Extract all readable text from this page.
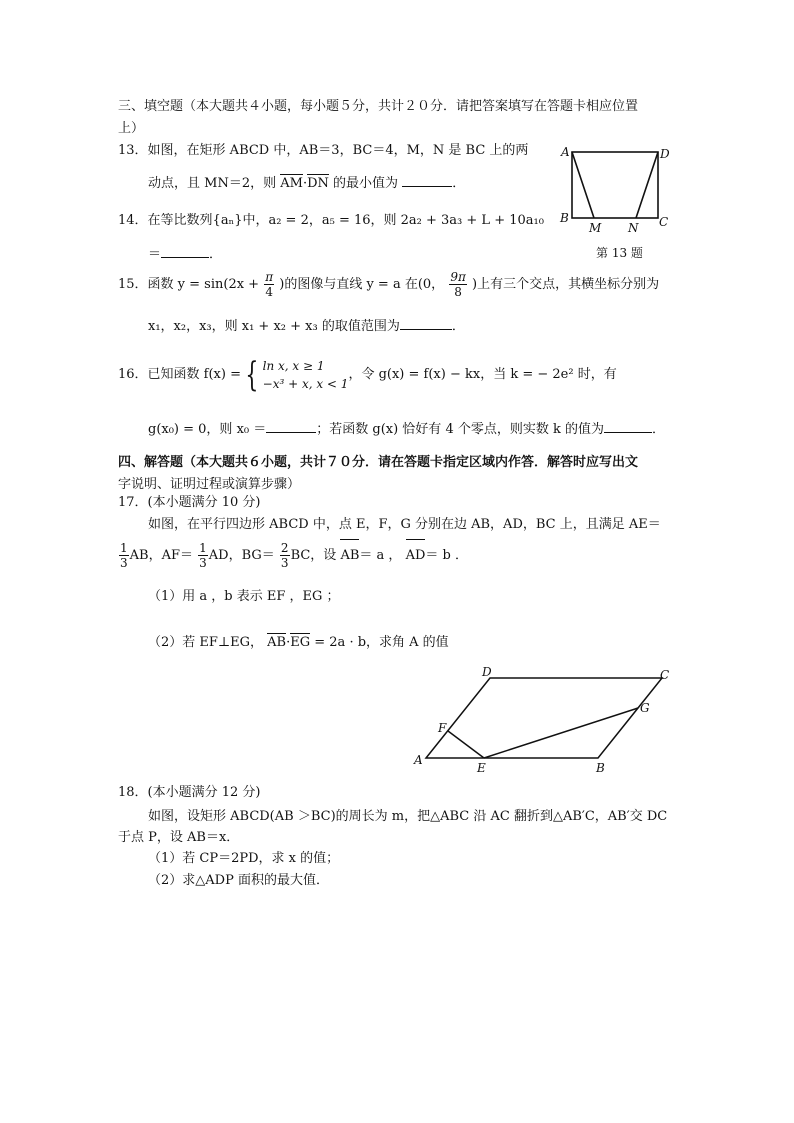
三、填空题（本大题共４小题，每小题５分，共计２０分．请把答案填写在答题卡相应位置
上）
13．如图，在矩形 ABCD 中，AB＝3，BC＝4，M，N 是 BC 上的两
动点，且 MN＝2，则 AM·DN 的最小值为	．
A	D
B	C
M N
第 13 题
14．在等比数列{aₙ}中，a₂ = 2，a₅ = 16，则 2a₂ + 3a₃ + L + 10a₁₀
＝	．
15．函数 $y = \sin(2x + \frac{\pi}{4}$ )的图像与直线 y = a 在(0， $\frac{9\pi}{8}$ )上有三个交点，其横坐标分别为
x₁，x₂，x₃，则 x₁ + x₂ + x₃ 的取值范围为	．
16．已知函数 f(x) = { ln x, x ≥ 1
−x³ + x, x < 1
，令 g(x) = f(x) − kx，当 k = − 2e² 时，有
g(x₀) = 0，则 x₀ ＝	；若函数 g(x) 恰好有 4 个零点，则实数 k 的值为	．
四、解答题（本大题共６小题，共计７０分．请在答题卡指定区域内作答．解答时应写出文
字说明、证明过程或演算步骤）
17．(本小题满分 10 分)
如图，在平行四边形 ABCD 中，点 E，F，G 分别在边 AB，AD，BC 上，且满足 AE＝
$\frac{1}{3}$ AB，$AF= \frac{1}{3}$ AD，$BG= \frac{2}{3}$ BC，设 AB＝ a ， AD＝ b ．
（1）用 a ，b 表示 EF ，EG ；
（2）若 EF⊥EG， AB·EG = 2a · b，求角 A 的值
A
D	C
F
G
E	B
18．(本小题满分 12 分)
如图，设矩形 ABCD(AB ＞BC)的周长为 m，把△ABC 沿 AC 翻折到△AB′C，AB′交 DC
于点 P，设 AB＝x．
（1）若 CP＝2PD，求 x 的值；
（2）求△ADP 面积的最大值．
